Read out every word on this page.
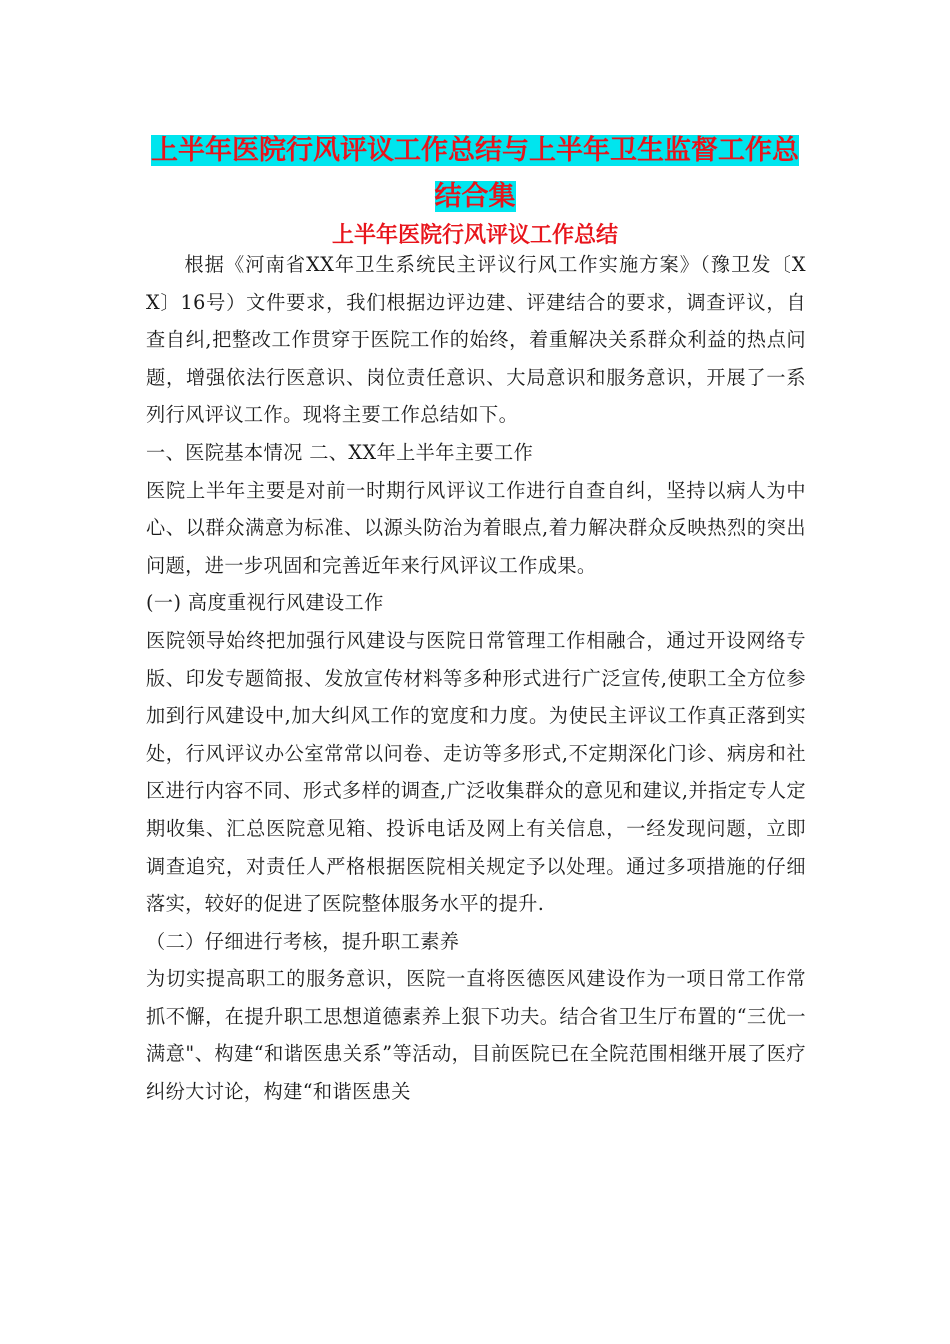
上半年医院行风评议工作总结与上半年卫生监督工作总
结合集
上半年医院行风评议工作总结

根据《河南省XX年卫生系统民主评议行风工作实施方案》（豫卫发〔XX〕16号）文件要求，我们根据边评边建、评建结合的要求，调查评议，自查自纠,把整改工作贯穿于医院工作的始终，着重解决关系群众利益的热点问题，增强依法行医意识、岗位责任意识、大局意识和服务意识，开展了一系列行风评议工作。现将主要工作总结如下。

一、医院基本情况 二、XX年上半年主要工作

医院上半年主要是对前一时期行风评议工作进行自查自纠，坚持以病人为中心、以群众满意为标准、以源头防治为着眼点,着力解决群众反映热烈的突出问题，进一步巩固和完善近年来行风评议工作成果。

(一) 高度重视行风建设工作

医院领导始终把加强行风建设与医院日常管理工作相融合，通过开设网络专版、印发专题简报、发放宣传材料等多种形式进行广泛宣传,使职工全方位参加到行风建设中,加大纠风工作的宽度和力度。为使民主评议工作真正落到实处，行风评议办公室常常以问卷、走访等多形式,不定期深化门诊、病房和社区进行内容不同、形式多样的调查,广泛收集群众的意见和建议,并指定专人定期收集、汇总医院意见箱、投诉电话及网上有关信息，一经发现问题，立即调查追究，对责任人严格根据医院相关规定予以处理。通过多项措施的仔细落实，较好的促进了医院整体服务水平的提升.

（二）仔细进行考核，提升职工素养

为切实提高职工的服务意识，医院一直将医德医风建设作为一项日常工作常抓不懈，在提升职工思想道德素养上狠下功夫。结合省卫生厅布置的“三优一满意"、构建“和谐医患关系”等活动，目前医院已在全院范围相继开展了医疗纠纷大讨论，构建“和谐医患关
